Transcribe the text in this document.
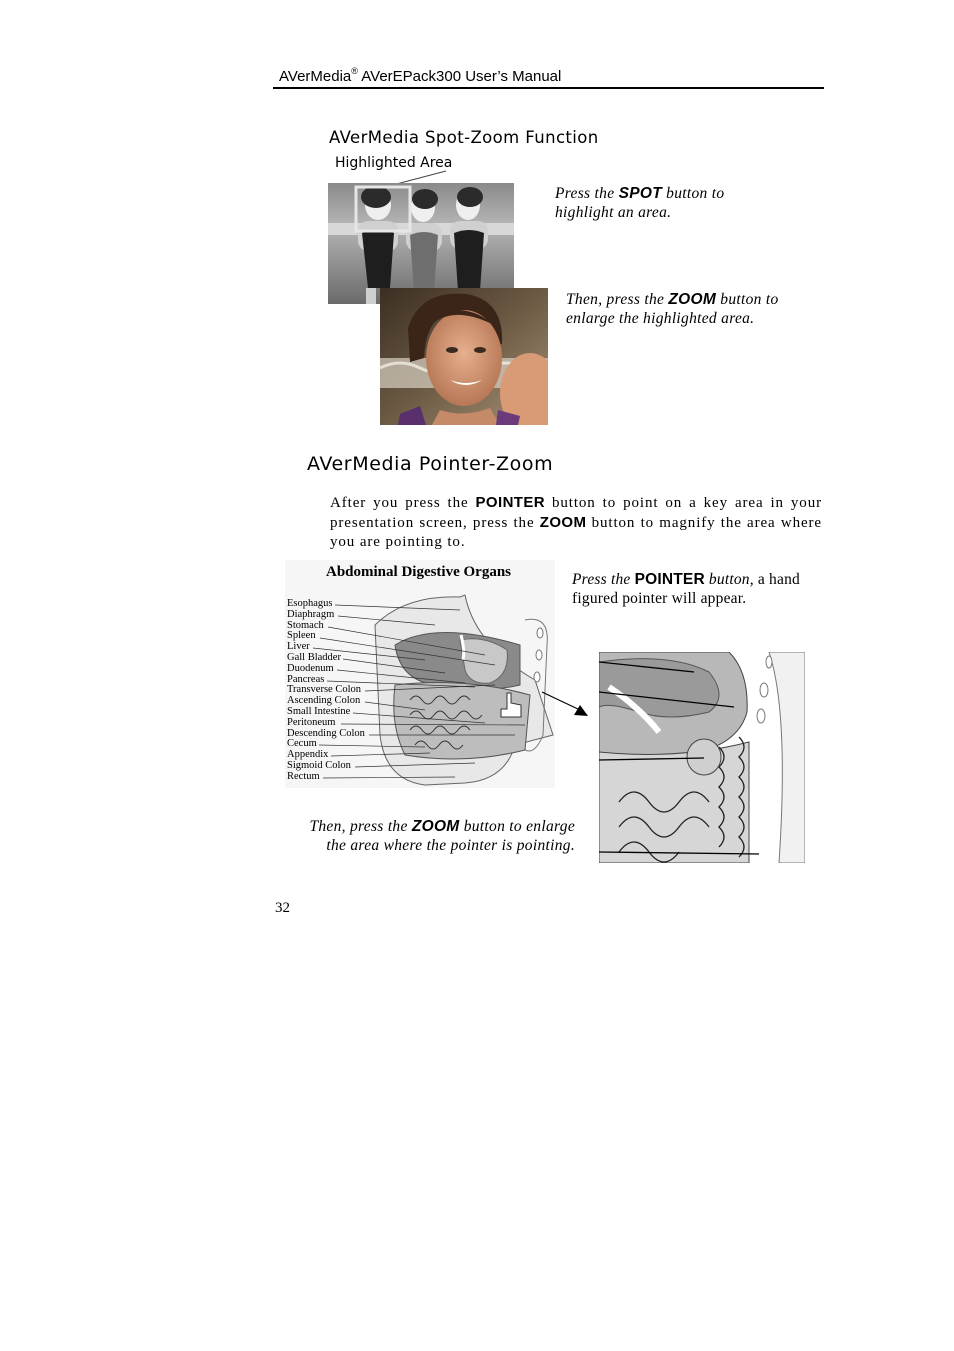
AVerMedia® AVerEPack300 User’s Manual
AVerMedia Spot-Zoom Function
Highlighted Area
Press the SPOT button to highlight an area.
Then, press the ZOOM button to enlarge the highlighted area.
AVerMedia Pointer-Zoom
After you press the POINTER button to point on a key area in your presentation screen, press the ZOOM button to magnify the area where you are pointing to.
Abdominal Digestive Organs
Esophagus
Diaphragm
Stomach
Spleen
Liver
Gall Bladder
Duodenum
Pancreas
Transverse Colon
Ascending Colon
Small Intestine
Peritoneum
Descending Colon
Cecum
Appendix
Sigmoid Colon
Rectum
Press the POINTER button, a hand figured pointer will appear.
Then, press the ZOOM button to enlarge the area where the pointer is pointing.
32
